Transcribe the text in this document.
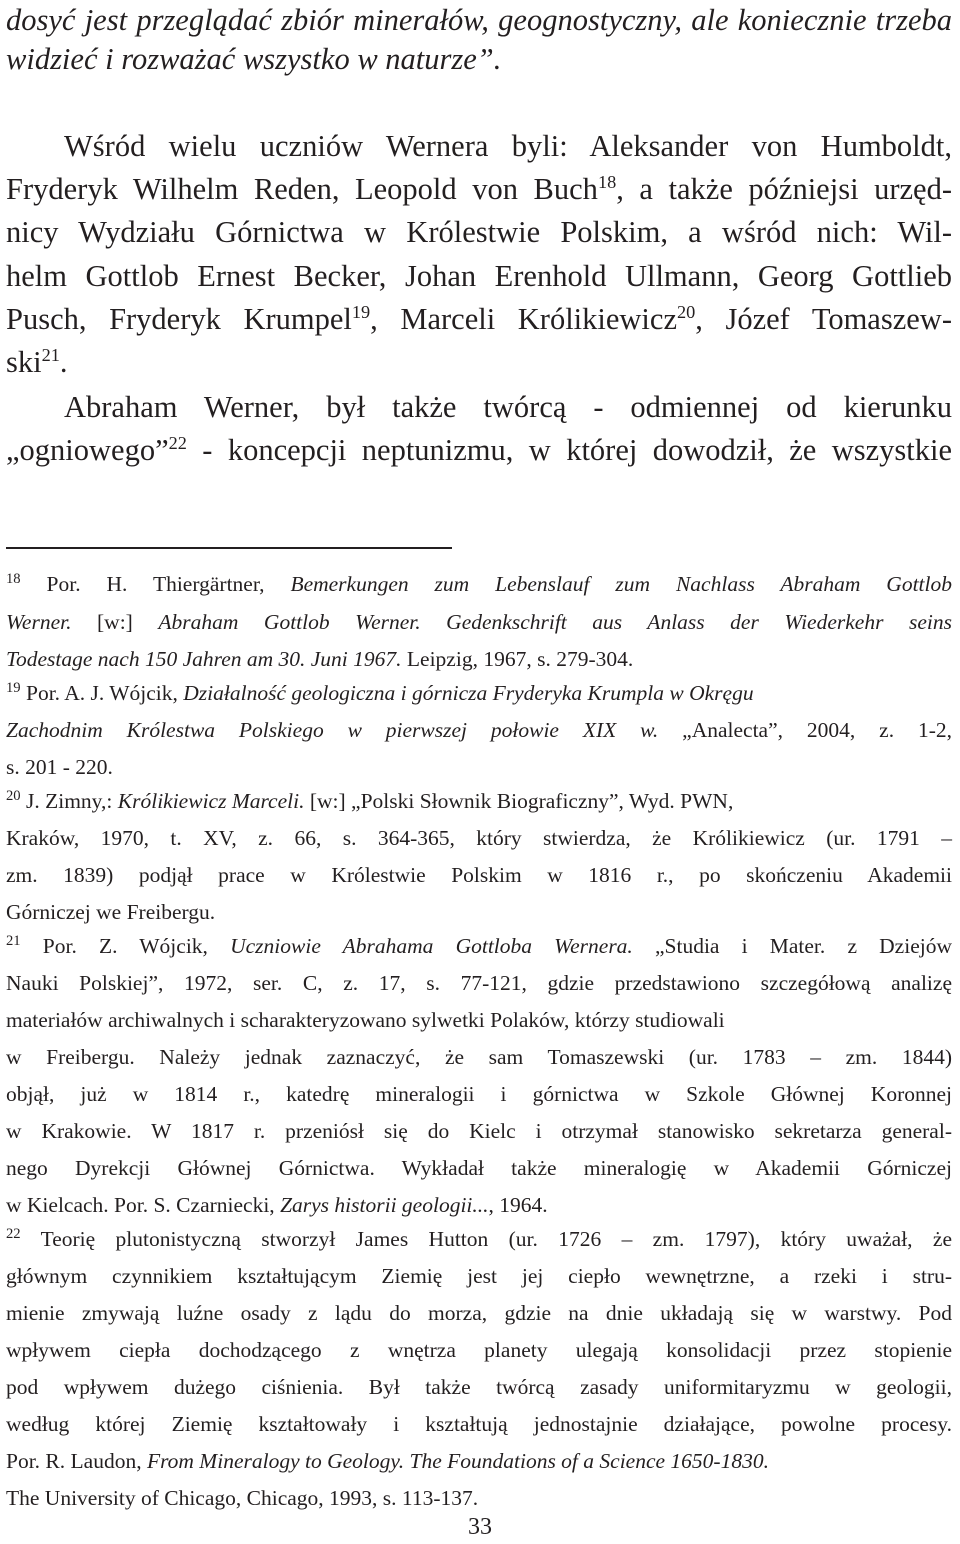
dosyć jest przeglądać zbiór minerałów, geognostyczny, ale koniecznie trzeba
widzieć i rozważać wszystko w naturze”.
Wśród wielu uczniów Wernera byli: Aleksander von Humboldt,
Fryderyk Wilhelm Reden, Leopold von Buch$^{18}$, a także późniejsi urzęd-
nicy Wydziału Górnictwa w Królestwie Polskim, a wśród nich: Wil-
helm Gottlob Ernest Becker, Johan Erenhold Ullmann, Georg Gottlieb
Pusch, Fryderyk Krumpel$^{19}$, Marceli Królikiewicz$^{20}$, Józef Tomaszew-
ski$^{21}$.
Abraham Werner, był także twórcą - odmiennej od kierunku
„ogniowego”$^{22}$ - koncepcji neptunizmu, w której dowodził, że wszystkie
$^{18}$ Por. H. Thiergärtner, Bemerkungen zum Lebenslauf zum Nachlass Abraham Gottlob
Werner. [w:] Abraham Gottlob Werner. Gedenkschrift aus Anlass der Wiederkehr seins
Todestage nach 150 Jahren am 30. Juni 1967. Leipzig, 1967, s. 279-304.
$^{19}$ Por. A. J. Wójcik, Działalność geologiczna i górnicza Fryderyka Krumpla w Okręgu
Zachodnim Królestwa Polskiego w pierwszej połowie XIX w. „Analecta”, 2004, z. 1-2,
s. 201 - 220.
$^{20}$ J. Zimny,: Królikiewicz Marceli. [w:] „Polski Słownik Biograficzny”, Wyd. PWN,
Kraków, 1970, t. XV, z. 66, s. 364-365, który stwierdza, że Królikiewicz (ur. 1791 –
zm. 1839) podjął prace w Królestwie Polskim w 1816 r., po skończeniu Akademii
Górniczej we Freibergu.
$^{21}$ Por. Z. Wójcik, Uczniowie Abrahama Gottloba Wernera. „Studia i Mater. z Dziejów
Nauki Polskiej”, 1972, ser. C, z. 17, s. 77-121, gdzie przedstawiono szczegółową analizę
materiałów archiwalnych i scharakteryzowano sylwetki Polaków, którzy studiowali
w Freibergu. Należy jednak zaznaczyć, że sam Tomaszewski (ur. 1783 – zm. 1844)
objął, już w 1814 r., katedrę mineralogii i górnictwa w Szkole Głównej Koronnej
w Krakowie. W 1817 r. przeniósł się do Kielc i otrzymał stanowisko sekretarza general-
nego Dyrekcji Głównej Górnictwa. Wykładał także mineralogię w Akademii Górniczej
w Kielcach. Por. S. Czarniecki, Zarys historii geologii..., 1964.
$^{22}$ Teorię plutonistyczną stworzył James Hutton (ur. 1726 – zm. 1797), który uważał, że
głównym czynnikiem kształtującym Ziemię jest jej ciepło wewnętrzne, a rzeki i stru-
mienie zmywają luźne osady z lądu do morza, gdzie na dnie układają się w warstwy. Pod
wpływem ciepła dochodzącego z wnętrza planety ulegają konsolidacji przez stopienie
pod wpływem dużego ciśnienia. Był także twórcą zasady uniformitaryzmu w geologii,
według której Ziemię kształtowały i kształtują jednostajnie działające, powolne procesy.
Por. R. Laudon, From Mineralogy to Geology. The Foundations of a Science 1650-1830.
The University of Chicago, Chicago, 1993, s. 113-137.
33
